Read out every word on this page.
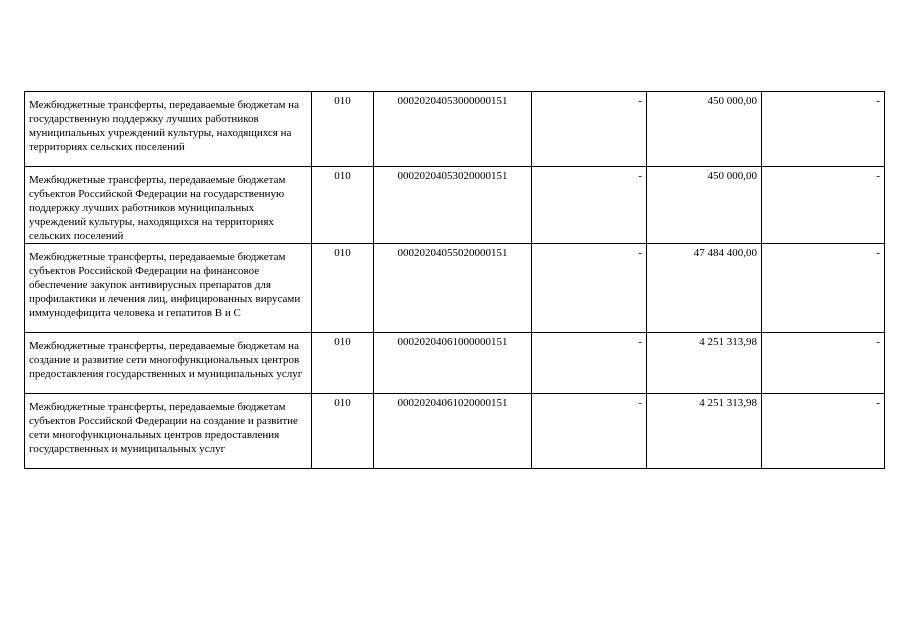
Межбюджетные трансферты, передаваемые бюджетам на государственную поддержку лучших работников муниципальных учреждений культуры, находящихся на территориях сельских поселений	010	00020204053000000151	-	450 000,00	-

Межбюджетные трансферты, передаваемые бюджетам субъектов Российской Федерации на государственную поддержку лучших работников муниципальных учреждений культуры, находящихся на территориях сельских поселений	010	00020204053020000151	-	450 000,00	-

Межбюджетные трансферты, передаваемые бюджетам субъектов Российской Федерации на финансовое обеспечение закупок антивирусных препаратов для профилактики и лечения лиц, инфицированных вирусами иммунодефицита человека и гепатитов В и С	010	00020204055020000151	-	47 484 400,00	-

Межбюджетные трансферты, передаваемые бюджетам на создание и развитие сети многофункциональных центров предоставления государственных и муниципальных услуг	010	00020204061000000151	-	4 251 313,98	-

Межбюджетные трансферты, передаваемые бюджетам субъектов Российской Федерации на создание и развитие сети многофункциональных центров предоставления государственных и муниципальных услуг	010	00020204061020000151	-	4 251 313,98	-
